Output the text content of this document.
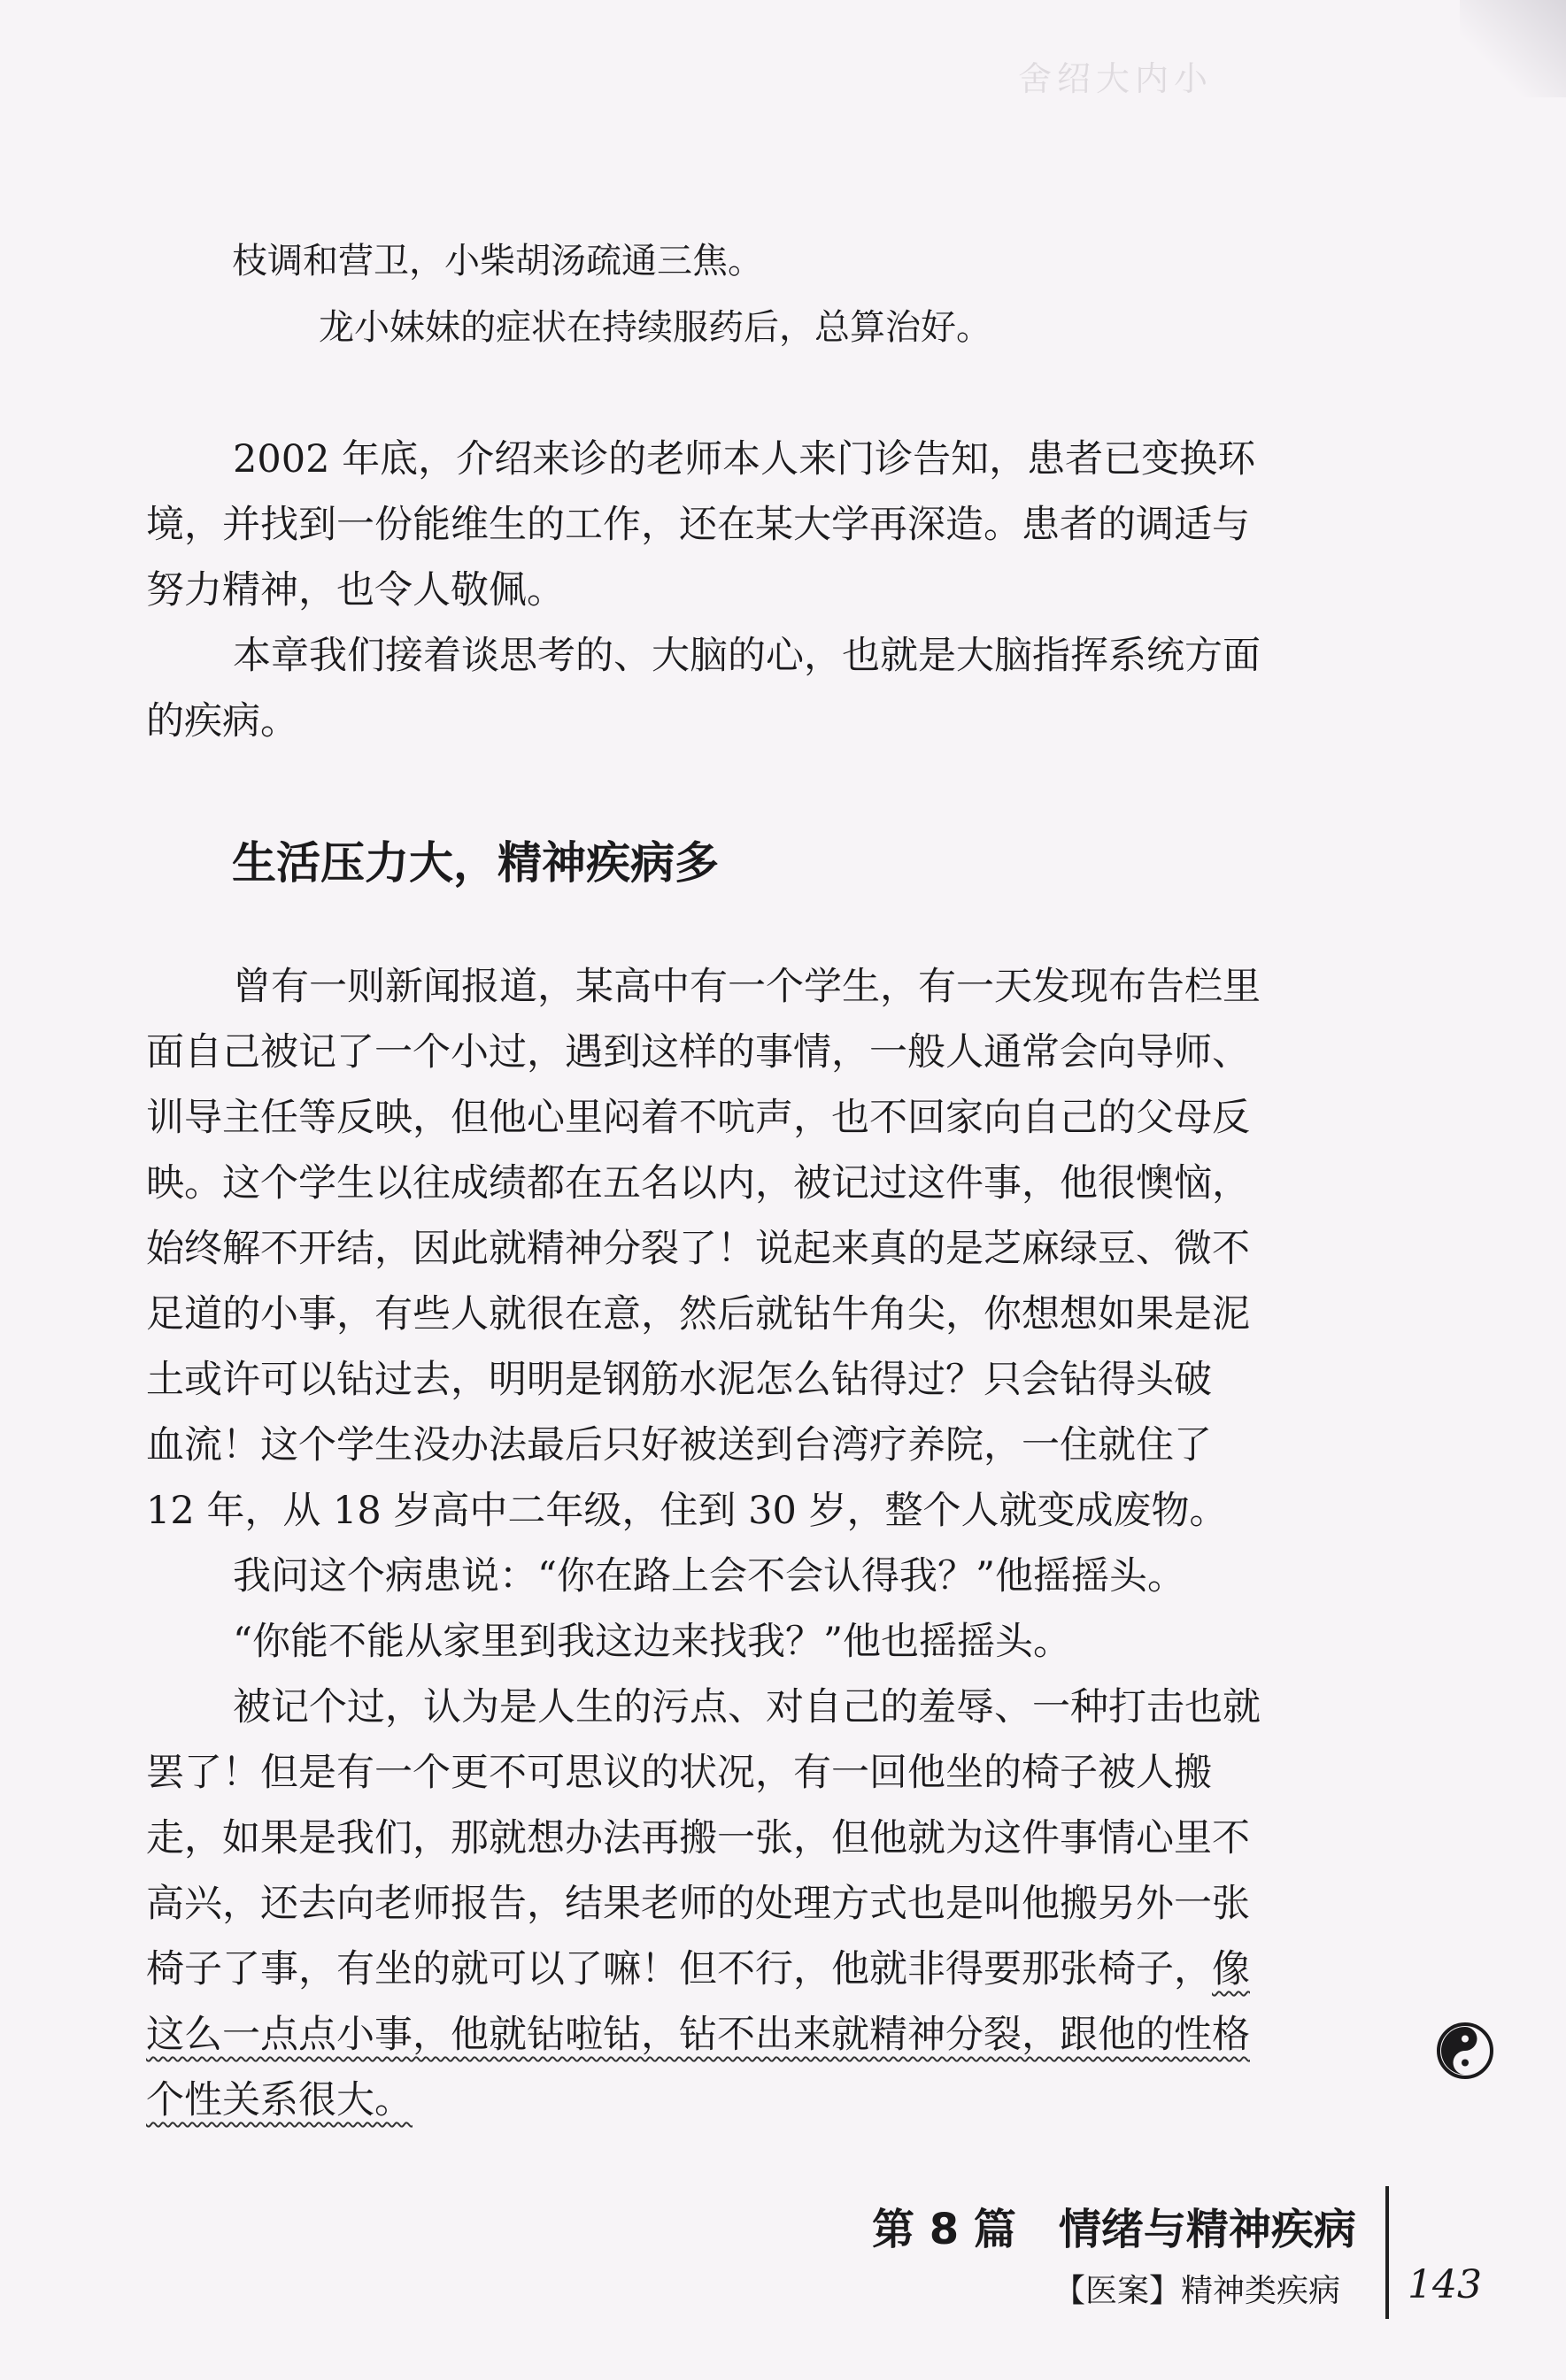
舍绍大内小
枝调和营卫，小柴胡汤疏通三焦。
龙小妹妹的症状在持续服药后，总算治好。
2002 年底，介绍来诊的老师本人来门诊告知，患者已变换环
境，并找到一份能维生的工作，还在某大学再深造。患者的调适与
努力精神，也令人敬佩。
本章我们接着谈思考的、大脑的心，也就是大脑指挥系统方面
的疾病。
生活压力大，精神疾病多
曾有一则新闻报道，某高中有一个学生，有一天发现布告栏里
面自己被记了一个小过，遇到这样的事情，一般人通常会向导师、
训导主任等反映，但他心里闷着不吭声，也不回家向自己的父母反
映。这个学生以往成绩都在五名以内，被记过这件事，他很懊恼，
始终解不开结，因此就精神分裂了！说起来真的是芝麻绿豆、微不
足道的小事，有些人就很在意，然后就钻牛角尖，你想想如果是泥
土或许可以钻过去，明明是钢筋水泥怎么钻得过？只会钻得头破
血流！这个学生没办法最后只好被送到台湾疗养院，一住就住了
12 年，从 18 岁高中二年级，住到 30 岁，整个人就变成废物。
我问这个病患说：“你在路上会不会认得我？”他摇摇头。
“你能不能从家里到我这边来找我？”他也摇摇头。
被记个过，认为是人生的污点、对自己的羞辱、一种打击也就
罢了！但是有一个更不可思议的状况，有一回他坐的椅子被人搬
走，如果是我们，那就想办法再搬一张，但他就为这件事情心里不
高兴，还去向老师报告，结果老师的处理方式也是叫他搬另外一张
椅子了事，有坐的就可以了嘛！但不行，他就非得要那张椅子，像
这么一点点小事，他就钻啦钻，钻不出来就精神分裂，跟他的性格
个性关系很大。
第 8 篇　情绪与精神疾病
【医案】精神类疾病 143
